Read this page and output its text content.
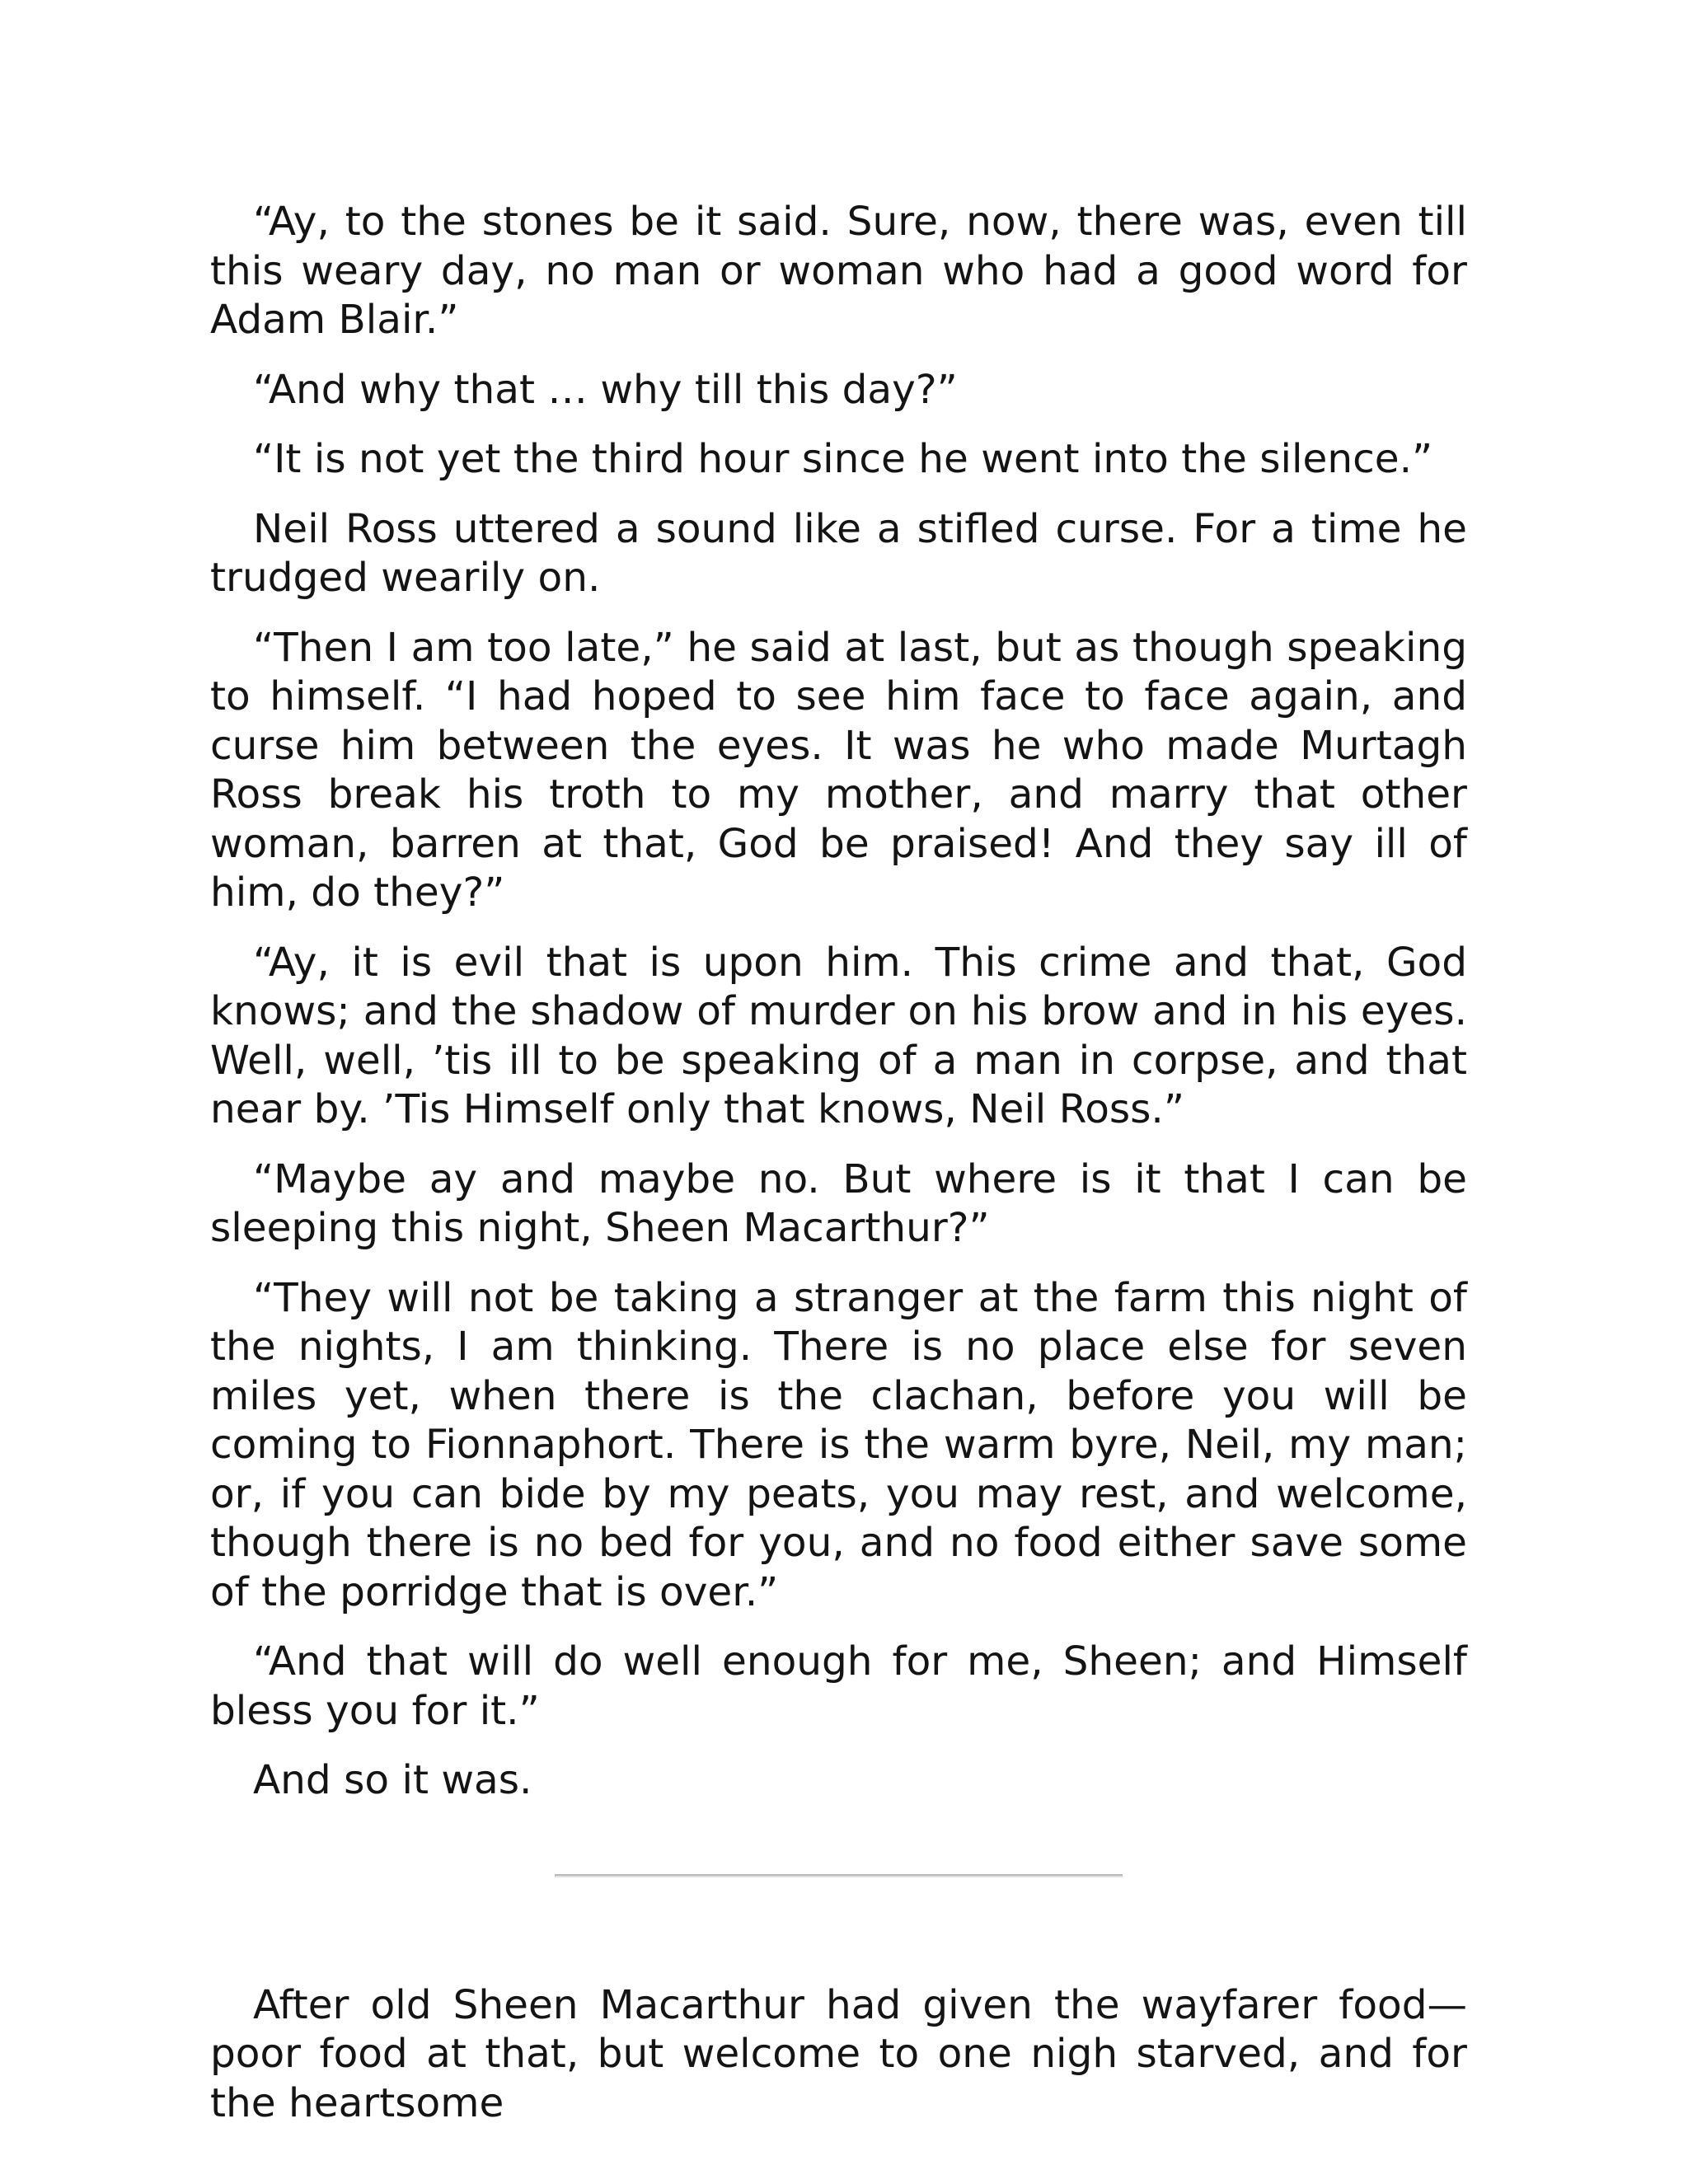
“Ay, to the stones be it said. Sure, now, there was, even till this weary day, no man or woman who had a good word for Adam Blair.”

“And why that … why till this day?”

“It is not yet the third hour since he went into the silence.”

Neil Ross uttered a sound like a stifled curse. For a time he trudged wearily on.

“Then I am too late,” he said at last, but as though speaking to himself. “I had hoped to see him face to face again, and curse him between the eyes. It was he who made Murtagh Ross break his troth to my mother, and marry that other woman, barren at that, God be praised! And they say ill of him, do they?”

“Ay, it is evil that is upon him. This crime and that, God knows; and the shadow of murder on his brow and in his eyes. Well, well, ’tis ill to be speaking of a man in corpse, and that near by. ’Tis Himself only that knows, Neil Ross.”

“Maybe ay and maybe no. But where is it that I can be sleeping this night, Sheen Macarthur?”

“They will not be taking a stranger at the farm this night of the nights, I am thinking. There is no place else for seven miles yet, when there is the clachan, before you will be coming to Fionnaphort. There is the warm byre, Neil, my man; or, if you can bide by my peats, you may rest, and welcome, though there is no bed for you, and no food either save some of the porridge that is over.”

“And that will do well enough for me, Sheen; and Himself bless you for it.”

And so it was.

After old Sheen Macarthur had given the wayfarer food—poor food at that, but welcome to one nigh starved, and for the heartsome
